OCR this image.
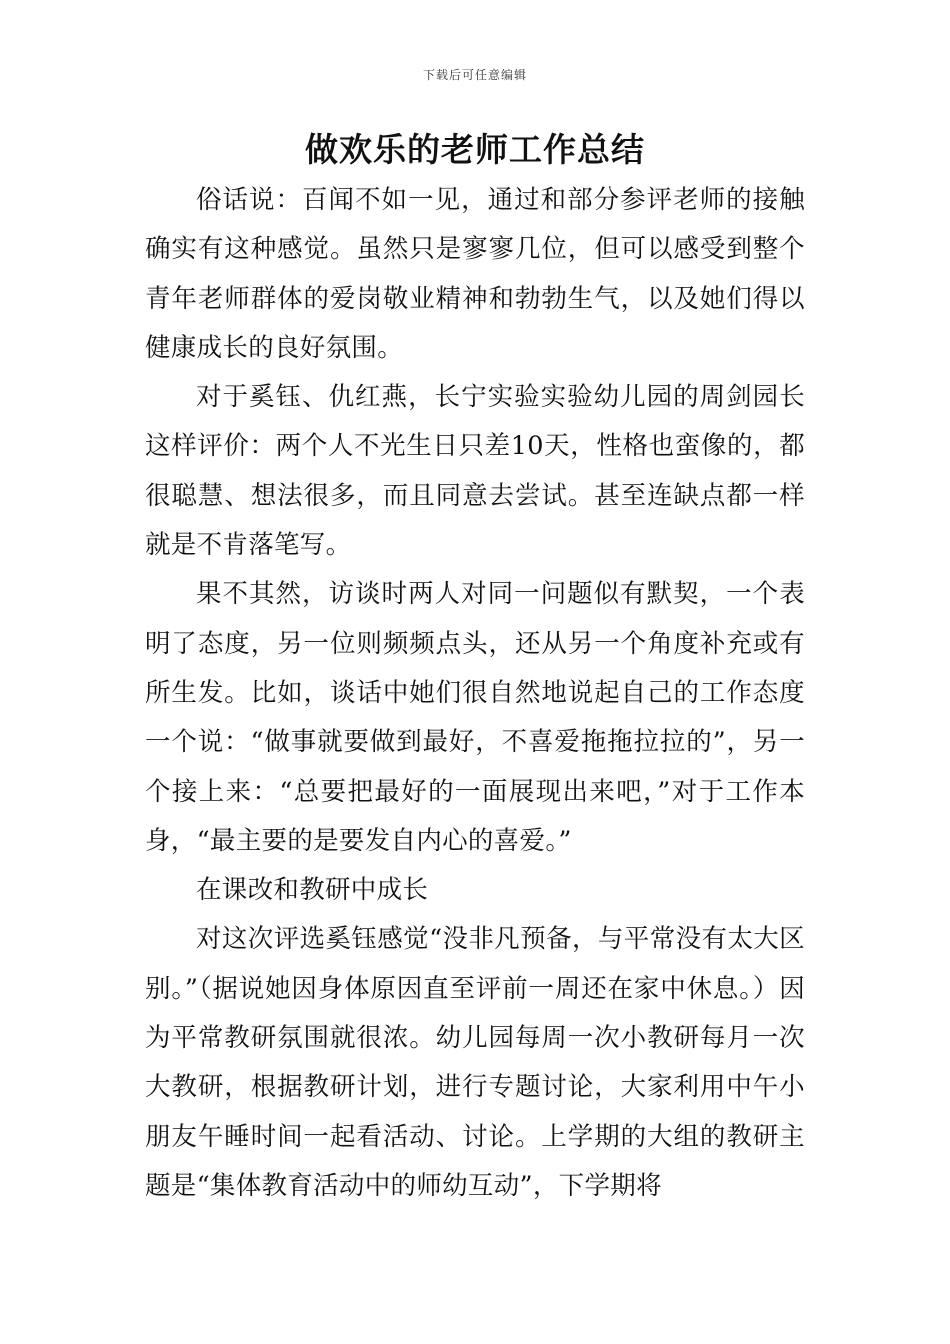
下载后可任意编辑
做欢乐的老师工作总结

俗话说：百闻不如一见，通过和部分参评老师的接触确实有这种感觉。虽然只是寥寥几位，但可以感受到整个青年老师群体的爱岗敬业精神和勃勃生气，以及她们得以健康成长的良好氛围。

对于奚钰、仇红燕，长宁实验实验幼儿园的周剑园长这样评价：两个人不光生日只差10天，性格也蛮像的，都很聪慧、想法很多，而且同意去尝试。甚至连缺点都一样就是不肯落笔写。

果不其然，访谈时两人对同一问题似有默契，一个表明了态度，另一位则频频点头，还从另一个角度补充或有所生发。比如，谈话中她们很自然地说起自己的工作态度一个说：“做事就要做到最好，不喜爱拖拖拉拉的”，另一个接上来：“总要把最好的一面展现出来吧，”对于工作本身，“最主要的是要发自内心的喜爱。”

在课改和教研中成长

对这次评选奚钰感觉“没非凡预备，与平常没有太大区别。”（据说她因身体原因直至评前一周还在家中休息。）因为平常教研氛围就很浓。幼儿园每周一次小教研每月一次大教研，根据教研计划，进行专题讨论，大家利用中午小朋友午睡时间一起看活动、讨论。上学期的大组的教研主题是“集体教育活动中的师幼互动”，下学期将
